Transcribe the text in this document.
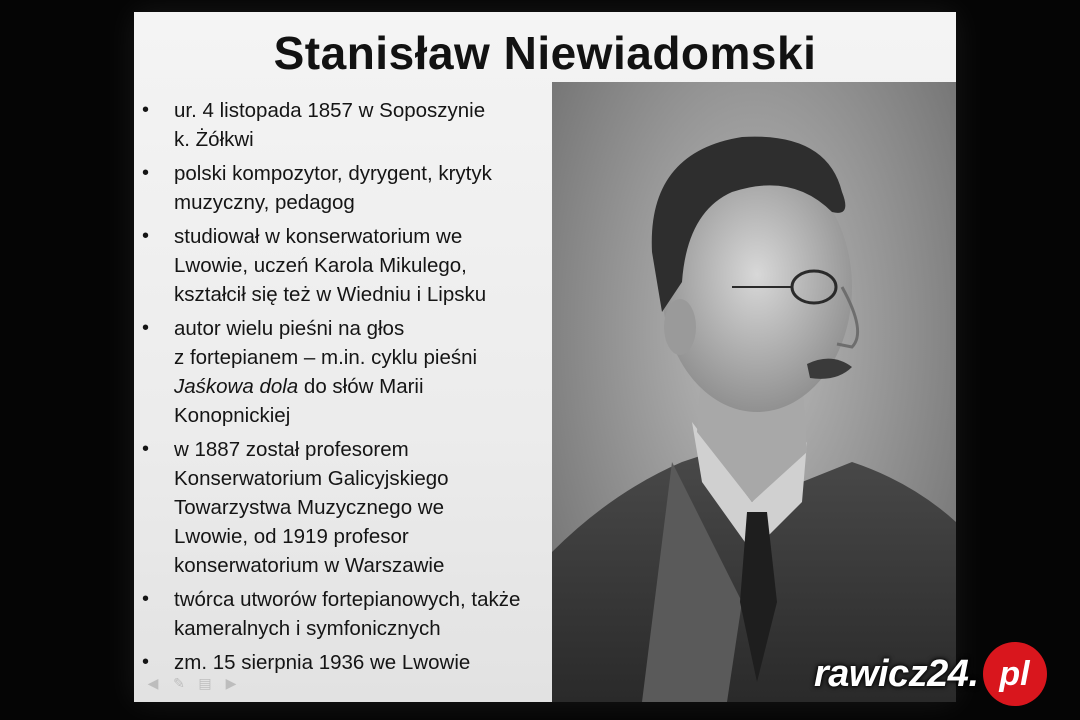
Stanisław Niewiadomski
• ur. 4 listopada 1857 w Soposzynie
k. Żółkwi
• polski kompozytor, dyrygent, krytyk
muzyczny, pedagog
• studiował w konserwatorium we
Lwowie, uczeń Karola Mikulego,
kształcił się też w Wiedniu i Lipsku
• autor wielu pieśni na głos
z fortepianem – m.in. cyklu pieśni
Jaśkowa dola do słów Marii
Konopnickiej
• w 1887 został profesorem
Konserwatorium Galicyjskiego
Towarzystwa Muzycznego we
Lwowie, od 1919 profesor
konserwatorium w Warszawie
• twórca utworów fortepianowych, także
kameralnych i symfonicznych
• zm. 15 sierpnia 1936 we Lwowie
◀ ✎ ▤ ▶	rawicz24. pl
